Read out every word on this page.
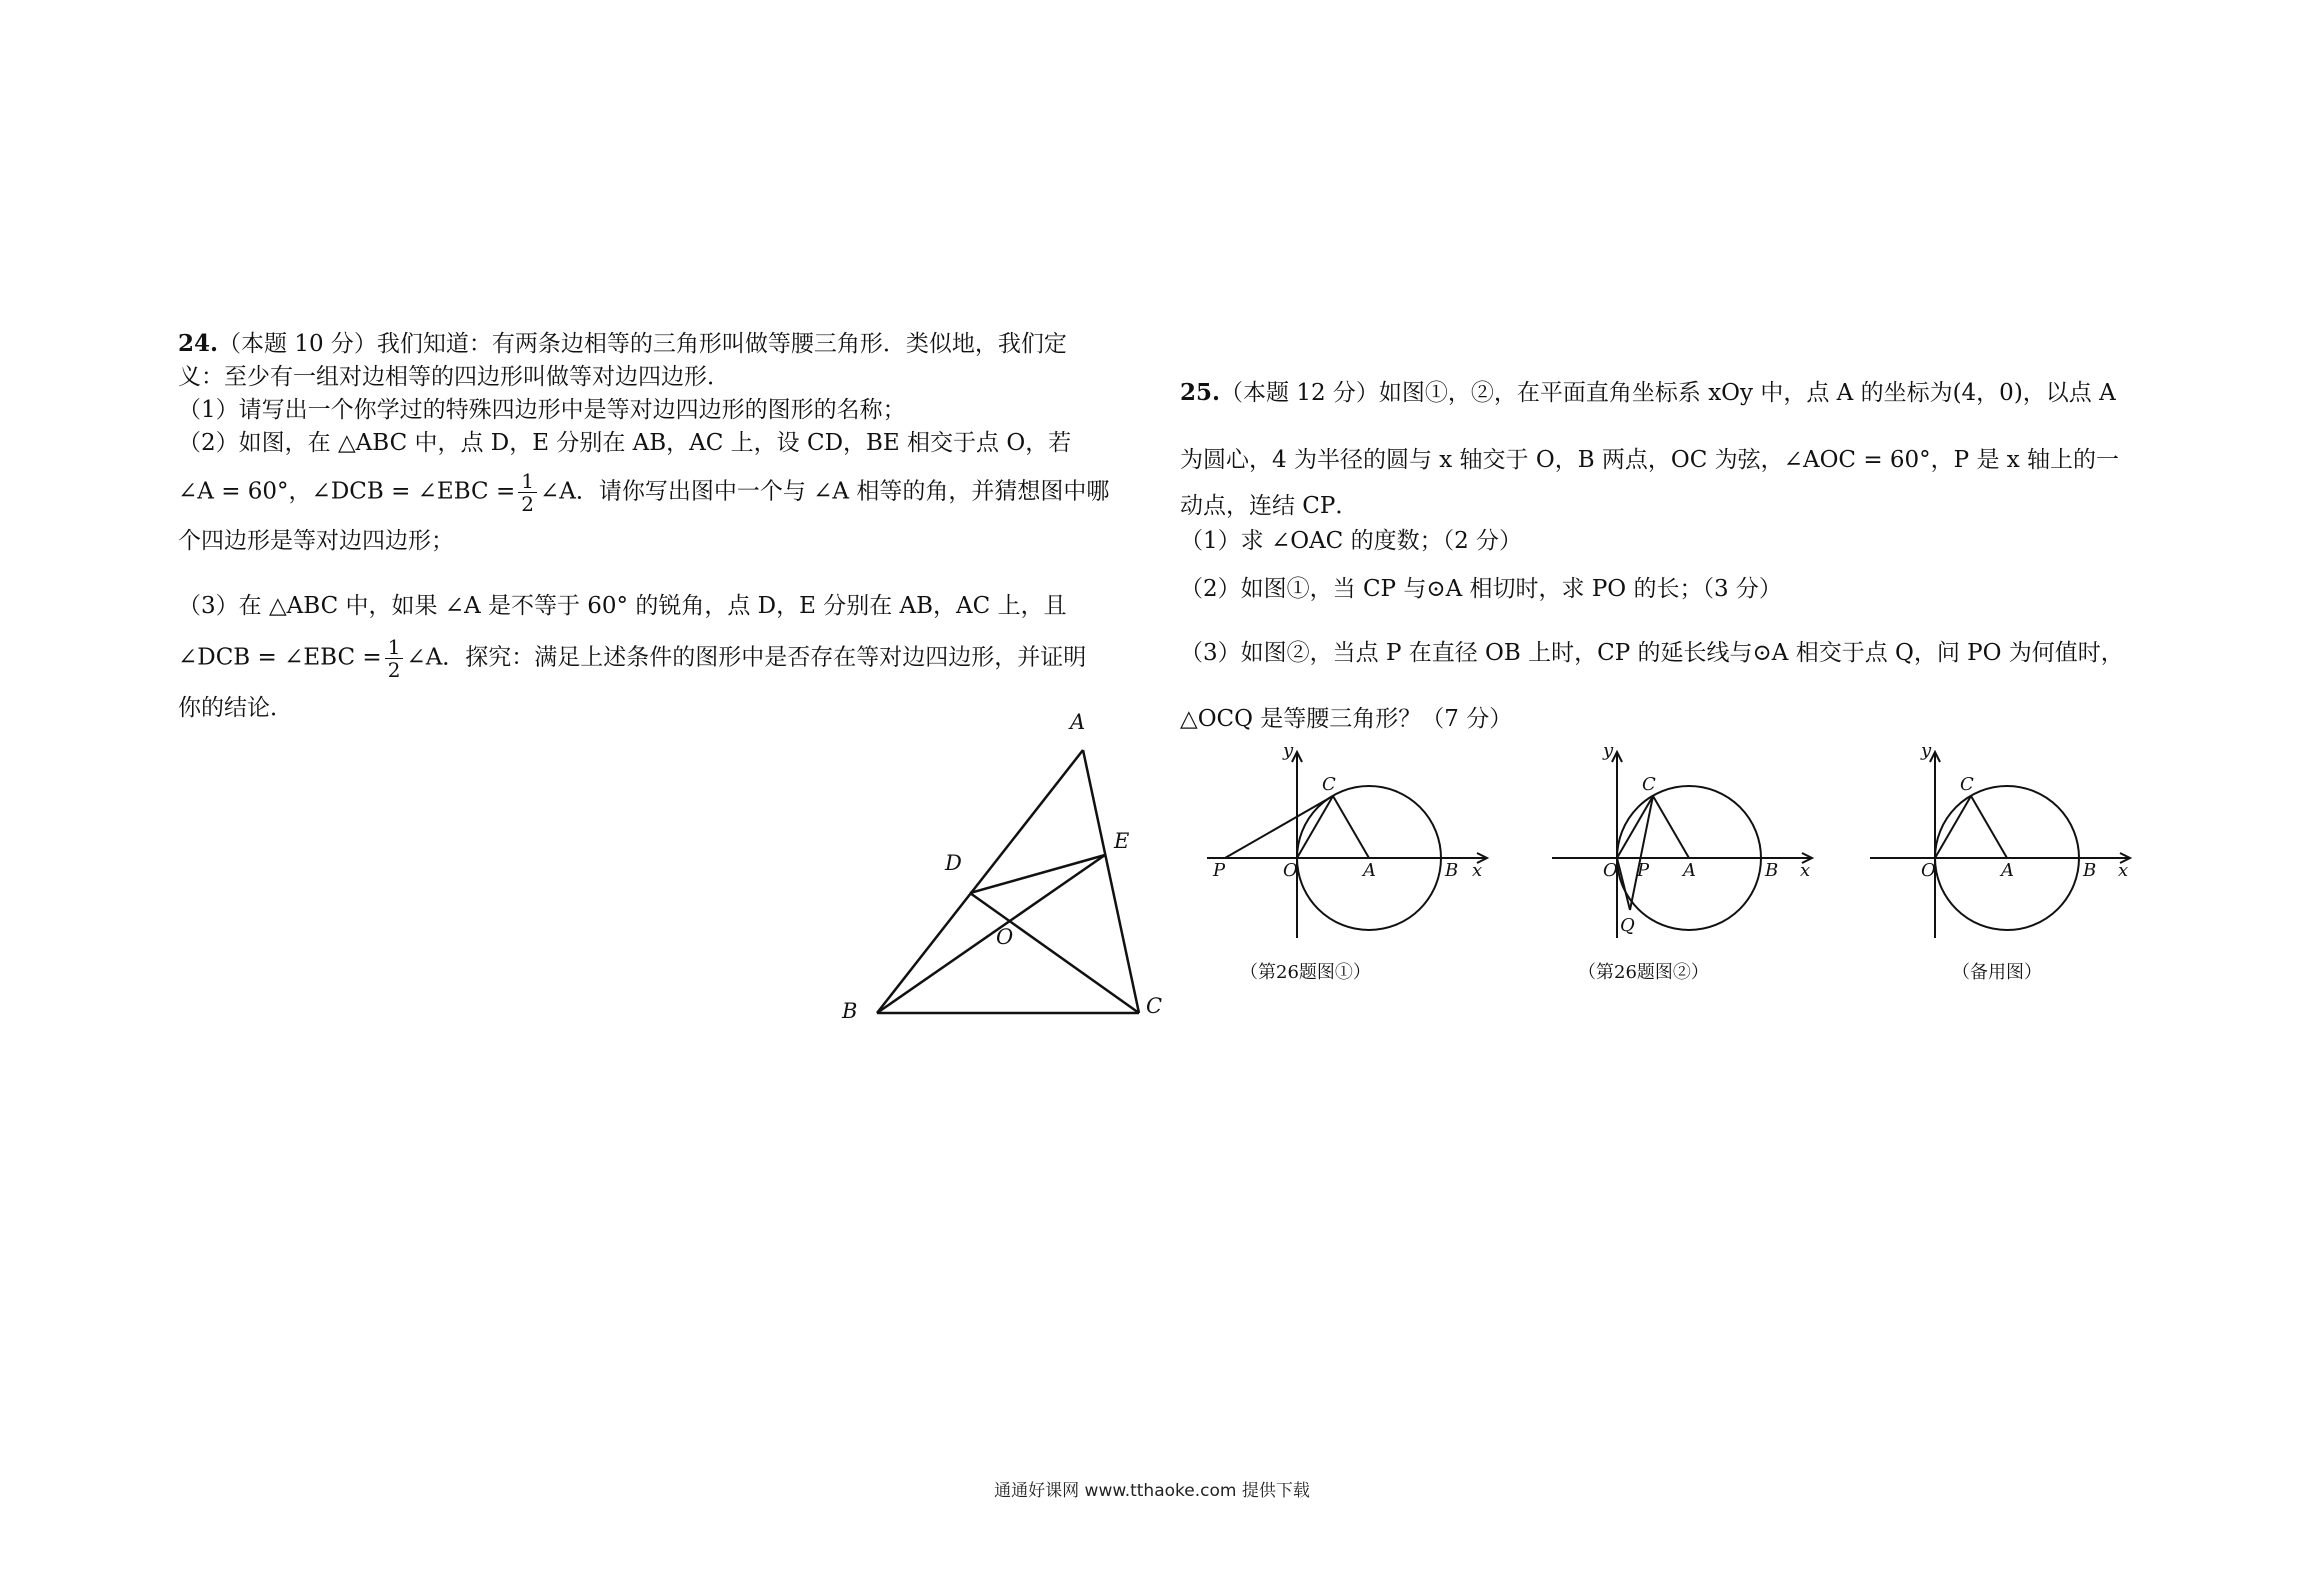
24.（本题 10 分）我们知道：有两条边相等的三角形叫做等腰三角形．类似地，我们定
义：至少有一组对边相等的四边形叫做等对边四边形．
（1）请写出一个你学过的特殊四边形中是等对边四边形的图形的名称；
（2）如图，在 △ABC 中，点 D，E 分别在 AB，AC 上，设 CD，BE 相交于点 O，若
∠A = 60°，∠DCB = ∠EBC = $\frac{1}{2}$ ∠A．请你写出图中一个与 ∠A 相等的角，并猜想图中哪
个四边形是等对边四边形；
（3）在 △ABC 中，如果 ∠A 是不等于 60° 的锐角，点 D，E 分别在 AB，AC 上，且
∠DCB = ∠EBC = $\frac{1}{2}$ ∠A．探究：满足上述条件的图形中是否存在等对边四边形，并证明
你的结论．
A
B	C
D
E
O
25.（本题 12 分）如图①，②，在平面直角坐标系 xOy 中，点 A 的坐标为(4，0)，以点 A
为圆心，4 为半径的圆与 x 轴交于 O，B 两点，OC 为弦，∠AOC = 60°，P 是 x 轴上的一
动点，连结 CP．
（1）求 ∠OAC 的度数；（2 分）
（2）如图①，当 CP 与⊙A 相切时，求 PO 的长；（3 分）
（3）如图②，当点 P 在直径 OB 上时，CP 的延长线与⊙A 相交于点 Q，问 PO 为何值时，
△OCQ 是等腰三角形？（7 分）
y
x
C
P	O	A	B
（第26题图①）
y
x
C
O P A	B
Q
（第26题图②）
y
x
C
O	A	B
（备用图）
通通好课网 www.tthaoke.com 提供下载
